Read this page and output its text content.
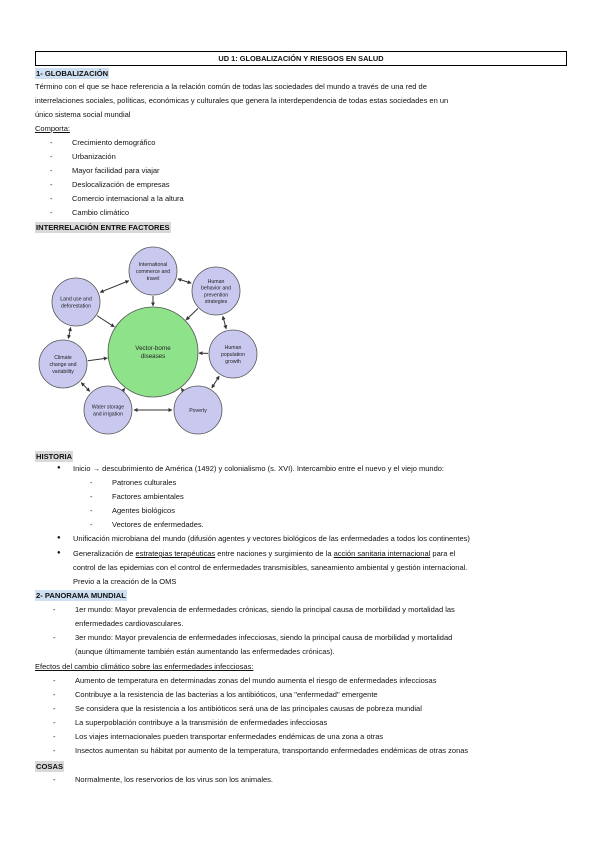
UD 1: GLOBALIZACIÓN Y RIESGOS EN SALUD
1- GLOBALIZACIÓN
Término con el que se hace referencia a la relación común de todas las sociedades del mundo a través de una red de
interrelaciones sociales, políticas, económicas y culturales que genera la interdependencia de todas estas sociedades en un
único sistema social mundial
Comporta:
- Crecimiento demográfico
- Urbanización
- Mayor facilidad para viajar
- Deslocalización de empresas
- Comercio internacional a la altura
- Cambio climático
INTERRELACIÓN ENTRE FACTORES
Vector-borne
diseases
International
commerce and
travel	Human
behavior and
prevention
strategies
Human
population
growth
Poverty
Water storage
and irrigation
Climate
change and
variability
Land use and
deforestation
HISTORIA
● Inicio → descubrimiento de América (1492) y colonialismo (s. XVI). Intercambio entre el nuevo y el viejo mundo:
- Patrones culturales
- Factores ambientales
- Agentes biológicos
- Vectores de enfermedades.
● Unificación microbiana del mundo (difusión agentes y vectores biológicos de las enfermedades a todos los continentes)
● Generalización de estrategias terapéuticas entre naciones y surgimiento de la acción sanitaria internacional para el
control de las epidemias con el control de enfermedades transmisibles, saneamiento ambiental y gestión internacional.
Previo a la creación de la OMS
2- PANORAMA MUNDIAL
- 1er mundo: Mayor prevalencia de enfermedades crónicas, siendo la principal causa de morbilidad y mortalidad las
enfermedades cardiovasculares.
- 3er mundo: Mayor prevalencia de enfermedades infecciosas, siendo la principal causa de morbilidad y mortalidad
(aunque últimamente también están aumentando las enfermedades crónicas).
Efectos del cambio climático sobre las enfermedades infecciosas:
- Aumento de temperatura en determinadas zonas del mundo aumenta el riesgo de enfermedades infecciosas
- Contribuye a la resistencia de las bacterias a los antibióticos, una "enfermedad" emergente
- Se considera que la resistencia a los antibióticos será una de las principales causas de pobreza mundial
- La superpoblación contribuye a la transmisión de enfermedades infecciosas
- Los viajes internacionales pueden transportar enfermedades endémicas de una zona a otras
- Insectos aumentan su hábitat por aumento de la temperatura, transportando enfermedades endémicas de otras zonas
COSAS
- Normalmente, los reservorios de los virus son los animales.
